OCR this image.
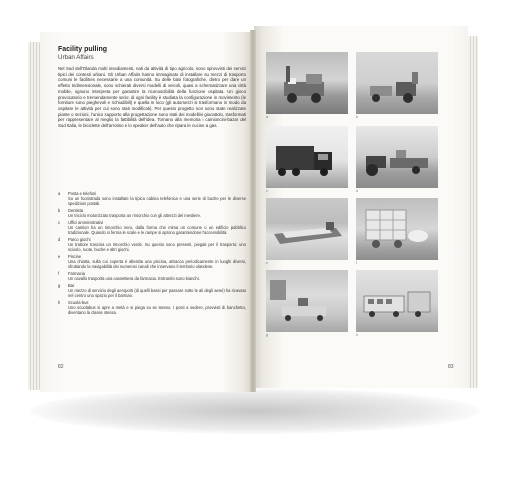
Facility pulling
Urban Affairs
Nel Sud dell'Olanda molti insediamenti, nati da attività di tipo agricolo, sono sprovvisti dei servizi tipici dei contesti urbani. Gli Urban Affairs hanno immaginato di installare su mezzi di trasporto comuni le facilities necessarie a una comunità. Su delle basi fotografiche, dietro per dare un effetto tridimensionale, sono schierati diversi modelli di veicoli, quasi a schematizzare una città mobile, ognuno interpreta per garantire la riconoscibilità della funzione ospitata. Un gioco provocatorio e tremendamente serio: di ogni facility è studiata la configurazione in movimento (le forniture sono pieghevoli e richiudibili) e quella in loco (gli automezzi si trasformano in modo da ospitare le attività per cui sono stati modificati). Per questo progetto non sono state realizzate piante o sezioni, l'unico supporto alla progettazione sono stati dei modellini giocattolo, trasformati per rappresentare al meglio la fattibilità dell'idea. Tornano alla memoria i camioncini-bazar del Sud Italia, le biciclette dell'arrotino e lo speaker dell'auto che ripara le cucine a gas.
a	Posta e telefoni
Su un fuoristrada sono installate la tipica cabina telefonica e una serie di buche per le diverse spedizioni postali.
b	Dentista
Un triciclo motorizzato trasporta un rimorchio con gli attrezzi del mestiere.
c	Uffici amministrativi
Un camion ha un rimorchio nero, dalla forma che mima un comune o un edificio pubblico tradizionale. Quando si ferma le scale e le rampe si aprono garantendone l'accessibilità.
d	Parco giochi
Un trattore trascina un rimorchio verde. Su questo sono presenti, piegati per il trasporto: uno scivolo, ruote, buche e altri giochi.
e	Piscine
Una chiatta, sulla cui coperta è allestita una piscina, attracca periodicamente in luoghi diversi, sfruttando la navigabilità dei numerosi canali che innervano il territorio olandese.
f	Farmacia
Un cavallo trasporta una cassettiera da farmacia. Entrambi sono bianchi.
g	Bar
Un mezzo di servizio degli aeroporti (di quelli bassi per passare sotto le ali degli aerei) ha ricavato nel centro uno spazio per il barman.
h	Scuola-bus
Uno scuolabus si apre a metà e si piega su se stesso. I posti a sedere, provvisti di banchetto, diventano la classe stessa.
82
a	b
c	d
e	f
g	h
83
